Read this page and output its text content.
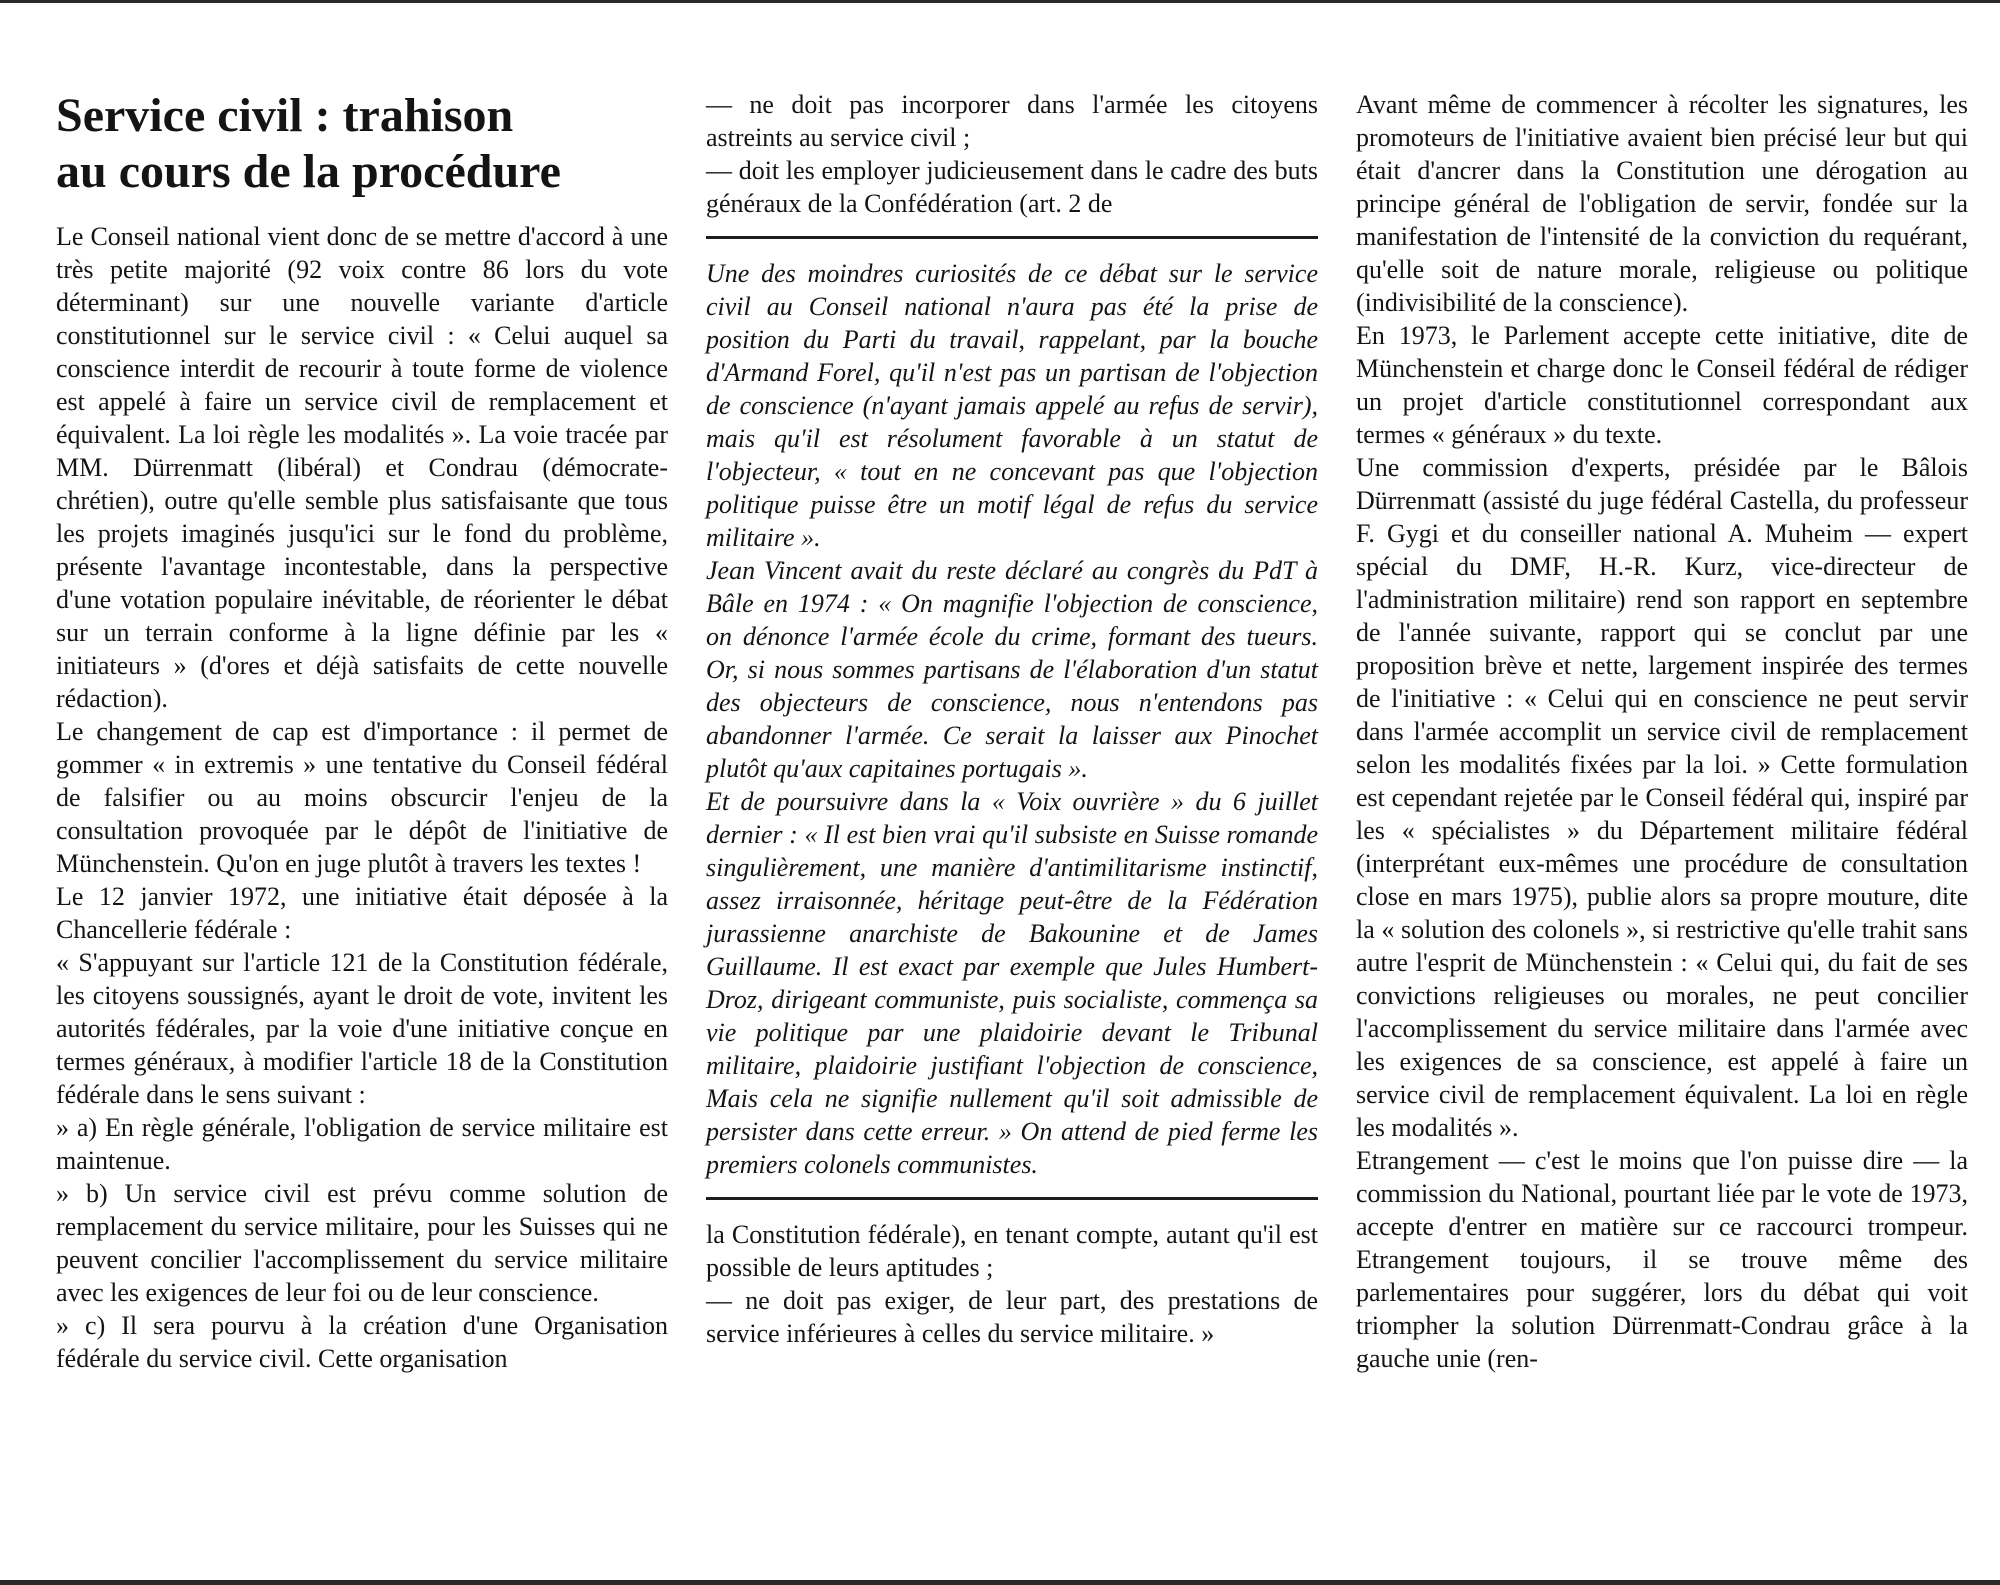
Service civil : trahison
au cours de la procédure

Le Conseil national vient donc de se mettre d'accord à une très petite majorité (92 voix contre 86 lors du vote déterminant) sur une nouvelle variante d'article constitutionnel sur le service civil : « Celui auquel sa conscience interdit de recourir à toute forme de violence est appelé à faire un service civil de remplacement et équivalent. La loi règle les modalités ». La voie tracée par MM. Dürrenmatt (libéral) et Condrau (démocrate-chrétien), outre qu'elle semble plus satisfaisante que tous les projets imaginés jusqu'ici sur le fond du problème, présente l'avantage incontestable, dans la perspective d'une votation populaire inévitable, de réorienter le débat sur un terrain conforme à la ligne définie par les « initiateurs » (d'ores et déjà satisfaits de cette nouvelle rédaction).

Le changement de cap est d'importance : il permet de gommer « in extremis » une tentative du Conseil fédéral de falsifier ou au moins obscurcir l'enjeu de la consultation provoquée par le dépôt de l'initiative de Münchenstein. Qu'on en juge plutôt à travers les textes !

Le 12 janvier 1972, une initiative était déposée à la Chancellerie fédérale :

« S'appuyant sur l'article 121 de la Constitution fédérale, les citoyens soussignés, ayant le droit de vote, invitent les autorités fédérales, par la voie d'une initiative conçue en termes généraux, à modifier l'article 18 de la Constitution fédérale dans le sens suivant :

» a) En règle générale, l'obligation de service militaire est maintenue.

» b) Un service civil est prévu comme solution de remplacement du service militaire, pour les Suisses qui ne peuvent concilier l'accomplissement du service militaire avec les exigences de leur foi ou de leur conscience.

» c) Il sera pourvu à la création d'une Organisation fédérale du service civil. Cette organisation

— ne doit pas incorporer dans l'armée les citoyens astreints au service civil ;

— doit les employer judicieusement dans le cadre des buts généraux de la Confédération (art. 2 de

Une des moindres curiosités de ce débat sur le service civil au Conseil national n'aura pas été la prise de position du Parti du travail, rappelant, par la bouche d'Armand Forel, qu'il n'est pas un partisan de l'objection de conscience (n'ayant jamais appelé au refus de servir), mais qu'il est résolument favorable à un statut de l'objecteur, « tout en ne concevant pas que l'objection politique puisse être un motif légal de refus du service militaire ».

Jean Vincent avait du reste déclaré au congrès du PdT à Bâle en 1974 : « On magnifie l'objection de conscience, on dénonce l'armée école du crime, formant des tueurs. Or, si nous sommes partisans de l'élaboration d'un statut des objecteurs de conscience, nous n'entendons pas abandonner l'armée. Ce serait la laisser aux Pinochet plutôt qu'aux capitaines portugais ».

Et de poursuivre dans la « Voix ouvrière » du 6 juillet dernier : « Il est bien vrai qu'il subsiste en Suisse romande singulièrement, une manière d'antimilitarisme instinctif, assez irraisonnée, héritage peut-être de la Fédération jurassienne anarchiste de Bakounine et de James Guillaume. Il est exact par exemple que Jules Humbert-Droz, dirigeant communiste, puis socialiste, commença sa vie politique par une plaidoirie devant le Tribunal militaire, plaidoirie justifiant l'objection de conscience, Mais cela ne signifie nullement qu'il soit admissible de persister dans cette erreur. » On attend de pied ferme les premiers colonels communistes.

la Constitution fédérale), en tenant compte, autant qu'il est possible de leurs aptitudes ;

— ne doit pas exiger, de leur part, des prestations de service inférieures à celles du service militaire. »

Avant même de commencer à récolter les signatures, les promoteurs de l'initiative avaient bien précisé leur but qui était d'ancrer dans la Constitution une dérogation au principe général de l'obligation de servir, fondée sur la manifestation de l'intensité de la conviction du requérant, qu'elle soit de nature morale, religieuse ou politique (indivisibilité de la conscience).

En 1973, le Parlement accepte cette initiative, dite de Münchenstein et charge donc le Conseil fédéral de rédiger un projet d'article constitutionnel correspondant aux termes « généraux » du texte.

Une commission d'experts, présidée par le Bâlois Dürrenmatt (assisté du juge fédéral Castella, du professeur F. Gygi et du conseiller national A. Muheim — expert spécial du DMF, H.-R. Kurz, vice-directeur de l'administration militaire) rend son rapport en septembre de l'année suivante, rapport qui se conclut par une proposition brève et nette, largement inspirée des termes de l'initiative : « Celui qui en conscience ne peut servir dans l'armée accomplit un service civil de remplacement selon les modalités fixées par la loi. » Cette formulation est cependant rejetée par le Conseil fédéral qui, inspiré par les « spécialistes » du Département militaire fédéral (interprétant eux-mêmes une procédure de consultation close en mars 1975), publie alors sa propre mouture, dite la « solution des colonels », si restrictive qu'elle trahit sans autre l'esprit de Münchenstein : « Celui qui, du fait de ses convictions religieuses ou morales, ne peut concilier l'accomplissement du service militaire dans l'armée avec les exigences de sa conscience, est appelé à faire un service civil de remplacement équivalent. La loi en règle les modalités ».

Etrangement — c'est le moins que l'on puisse dire — la commission du National, pourtant liée par le vote de 1973, accepte d'entrer en matière sur ce raccourci trompeur. Etrangement toujours, il se trouve même des parlementaires pour suggérer, lors du débat qui voit triompher la solution Dürrenmatt-Condrau grâce à la gauche unie (ren-
